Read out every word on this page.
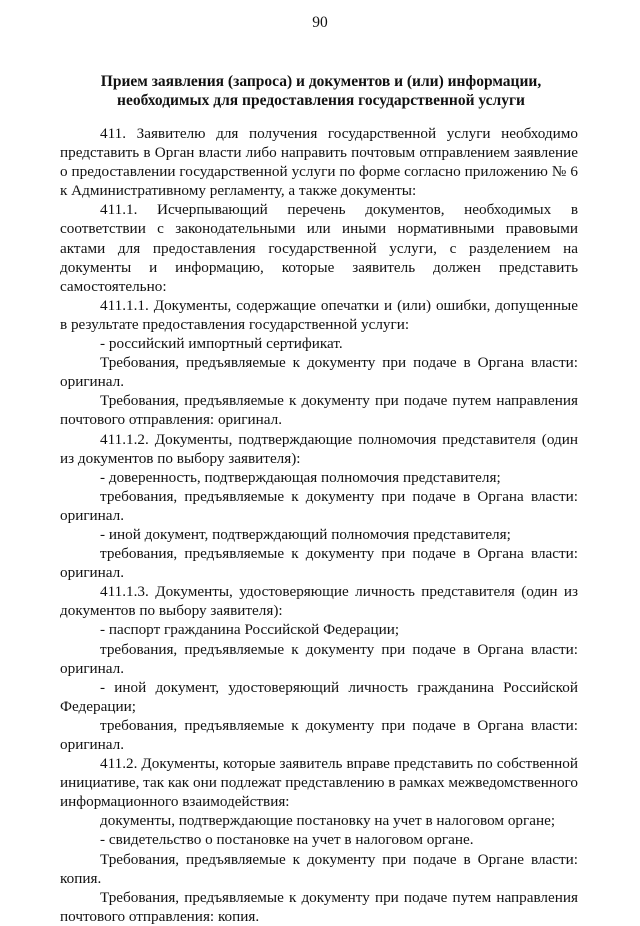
90
Прием заявления (запроса) и документов и (или) информации,
необходимых для предоставления государственной услуги

411. Заявителю для получения государственной услуги необходимо представить в Орган власти либо направить почтовым отправлением заявление о предоставлении государственной услуги по форме согласно приложению № 6 к Административному регламенту, а также документы:

411.1. Исчерпывающий перечень документов, необходимых в соответствии с законодательными или иными нормативными правовыми актами для предоставления государственной услуги, с разделением на документы и информацию, которые заявитель должен представить самостоятельно:

411.1.1. Документы, содержащие опечатки и (или) ошибки, допущенные в результате предоставления государственной услуги:

- российский импортный сертификат.

Требования, предъявляемые к документу при подаче в Органа власти: оригинал.

Требования, предъявляемые к документу при подаче путем направления почтового отправления: оригинал.

411.1.2. Документы, подтверждающие полномочия представителя (один из документов по выбору заявителя):

- доверенность, подтверждающая полномочия представителя;

требования, предъявляемые к документу при подаче в Органа власти: оригинал.

- иной документ, подтверждающий полномочия представителя;

требования, предъявляемые к документу при подаче в Органа власти: оригинал.

411.1.3. Документы, удостоверяющие личность представителя (один из документов по выбору заявителя):

- паспорт гражданина Российской Федерации;

требования, предъявляемые к документу при подаче в Органа власти: оригинал.

- иной документ, удостоверяющий личность гражданина Российской Федерации;

требования, предъявляемые к документу при подаче в Органа власти: оригинал.

411.2. Документы, которые заявитель вправе представить по собственной инициативе, так как они подлежат представлению в рамках межведомственного информационного взаимодействия:

документы, подтверждающие постановку на учет в налоговом органе;

- свидетельство о постановке на учет в налоговом органе.

Требования, предъявляемые к документу при подаче в Органе власти: копия.

Требования, предъявляемые к документу при подаче путем направления почтового отправления: копия.
